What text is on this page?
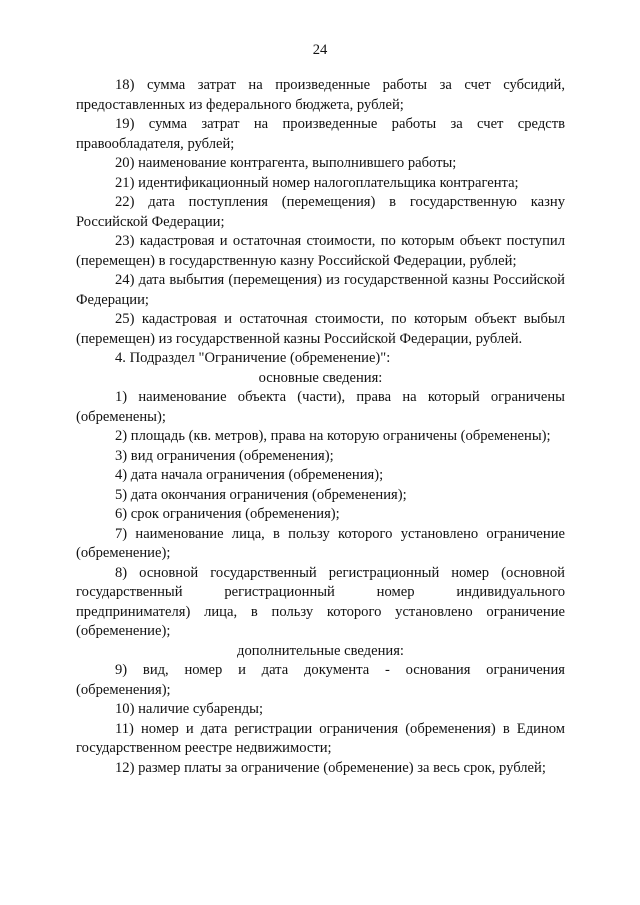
24

18) сумма затрат на произведенные работы за счет субсидий, предоставленных из федерального бюджета, рублей;

19) сумма затрат на произведенные работы за счет средств правообладателя, рублей;

20) наименование контрагента, выполнившего работы;

21) идентификационный номер налогоплательщика контрагента;

22) дата поступления (перемещения) в государственную казну Российской Федерации;

23) кадастровая и остаточная стоимости, по которым объект поступил (перемещен) в государственную казну Российской Федерации, рублей;

24) дата выбытия (перемещения) из государственной казны Российской Федерации;

25) кадастровая и остаточная стоимости, по которым объект выбыл (перемещен) из государственной казны Российской Федерации, рублей.

4. Подраздел "Ограничение (обременение)":

основные сведения:

1) наименование объекта (части), права на который ограничены (обременены);

2) площадь (кв. метров), права на которую ограничены (обременены);

3) вид ограничения (обременения);

4) дата начала ограничения (обременения);

5) дата окончания ограничения (обременения);

6) срок ограничения (обременения);

7) наименование лица, в пользу которого установлено ограничение (обременение);

8) основной государственный регистрационный номер (основной государственный регистрационный номер индивидуального предпринимателя) лица, в пользу которого установлено ограничение (обременение);

дополнительные сведения:

9) вид, номер и дата документа - основания ограничения (обременения);

10) наличие субаренды;

11) номер и дата регистрации ограничения (обременения) в Едином государственном реестре недвижимости;

12) размер платы за ограничение (обременение) за весь срок, рублей;
